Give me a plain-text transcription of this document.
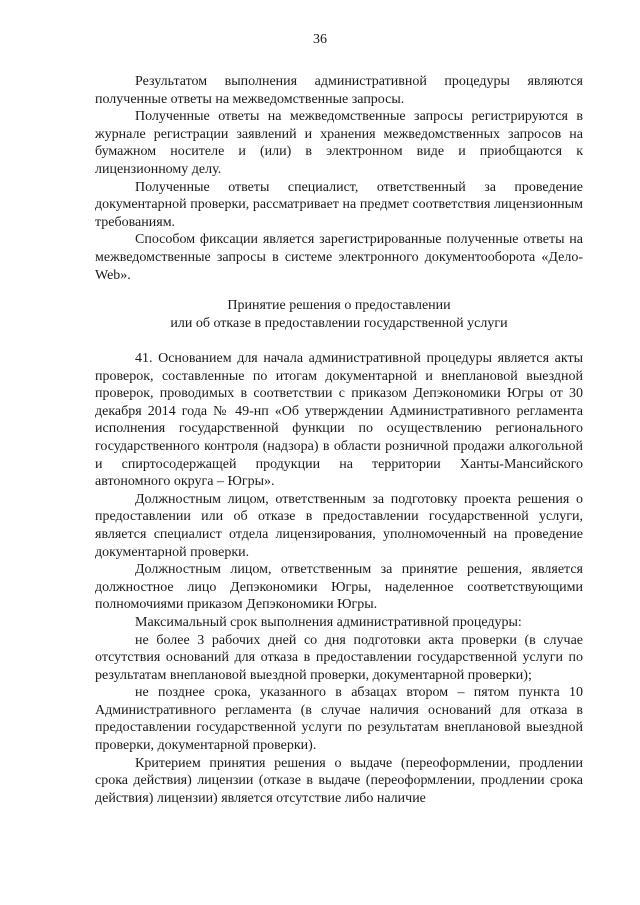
36

Результатом выполнения административной процедуры являются полученные ответы на межведомственные запросы.

Полученные ответы на межведомственные запросы регистрируются в журнале регистрации заявлений и хранения межведомственных запросов на бумажном носителе и (или) в электронном виде и приобщаются к лицензионному делу.

Полученные ответы специалист, ответственный за проведение документарной проверки, рассматривает на предмет соответствия лицензионным требованиям.

Способом фиксации является зарегистрированные полученные ответы на межведомственные запросы в системе электронного документооборота «Дело-Web».

Принятие решения о предоставлении
или об отказе в предоставлении государственной услуги

41. Основанием для начала административной процедуры является акты проверок, составленные по итогам документарной и внеплановой выездной проверок, проводимых в соответствии с приказом Депэкономики Югры от 30 декабря 2014 года № 49-нп «Об утверждении Административного регламента исполнения государственной функции по осуществлению регионального государственного контроля (надзора) в области розничной продажи алкогольной и спиртосодержащей продукции на территории Ханты-Мансийского автономного округа – Югры».

Должностным лицом, ответственным за подготовку проекта решения о предоставлении или об отказе в предоставлении государственной услуги, является специалист отдела лицензирования, уполномоченный на проведение документарной проверки.

Должностным лицом, ответственным за принятие решения, является должностное лицо Депэкономики Югры, наделенное соответствующими полномочиями приказом Депэкономики Югры.

Максимальный срок выполнения административной процедуры:

не более 3 рабочих дней со дня подготовки акта проверки (в случае отсутствия оснований для отказа в предоставлении государственной услуги по результатам внеплановой выездной проверки, документарной проверки);

не позднее срока, указанного в абзацах втором – пятом пункта 10 Административного регламента (в случае наличия оснований для отказа в предоставлении государственной услуги по результатам внеплановой выездной проверки, документарной проверки).

Критерием принятия решения о выдаче (переоформлении, продлении срока действия) лицензии (отказе в выдаче (переоформлении, продлении срока действия) лицензии) является отсутствие либо наличие
